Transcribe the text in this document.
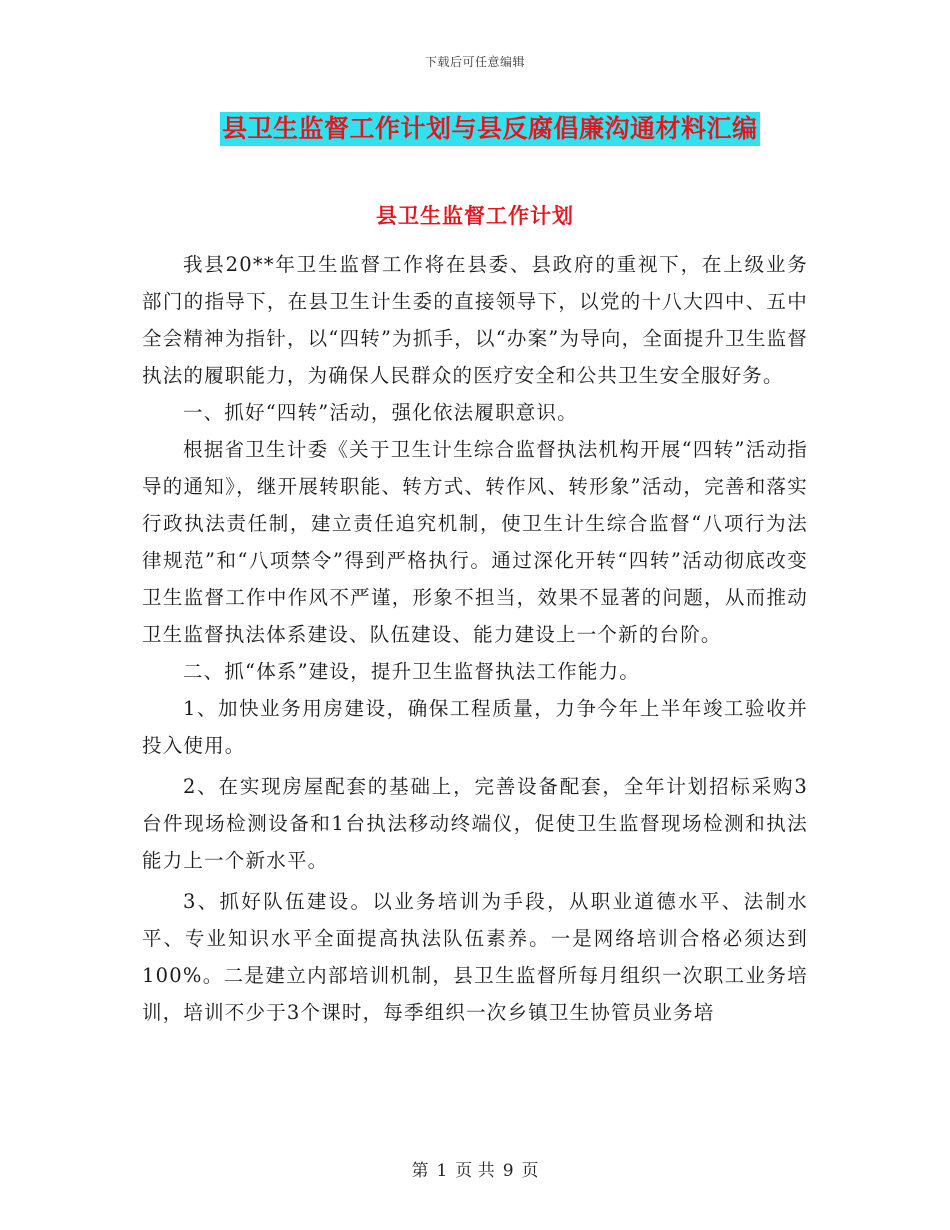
下载后可任意编辑
县卫生监督工作计划与县反腐倡廉沟通材料汇编
县卫生监督工作计划

我县20**年卫生监督工作将在县委、县政府的重视下，在上级业务部门的指导下，在县卫生计生委的直接领导下，以党的十八大四中、五中全会精神为指针，以“四转”为抓手，以“办案”为导向，全面提升卫生监督执法的履职能力，为确保人民群众的医疗安全和公共卫生安全服好务。

一、抓好“四转”活动，强化依法履职意识。

根据省卫生计委《关于卫生计生综合监督执法机构开展“四转”活动指导的通知》，继开展转职能、转方式、转作风、转形象”活动，完善和落实行政执法责任制，建立责任追究机制，使卫生计生综合监督“八项行为法律规范”和“八项禁令”得到严格执行。通过深化开转“四转”活动彻底改变卫生监督工作中作风不严谨，形象不担当，效果不显著的问题，从而推动卫生监督执法体系建设、队伍建设、能力建设上一个新的台阶。

二、抓“体系”建设，提升卫生监督执法工作能力。

1、加快业务用房建设，确保工程质量，力争今年上半年竣工验收并投入使用。

2、在实现房屋配套的基础上，完善设备配套，全年计划招标采购3台件现场检测设备和1台执法移动终端仪，促使卫生监督现场检测和执法能力上一个新水平。

3、抓好队伍建设。以业务培训为手段，从职业道德水平、法制水平、专业知识水平全面提高执法队伍素养。一是网络培训合格必须达到100%。二是建立内部培训机制，县卫生监督所每月组织一次职工业务培训，培训不少于3个课时，每季组织一次乡镇卫生协管员业务培

第 1 页 共 9 页
